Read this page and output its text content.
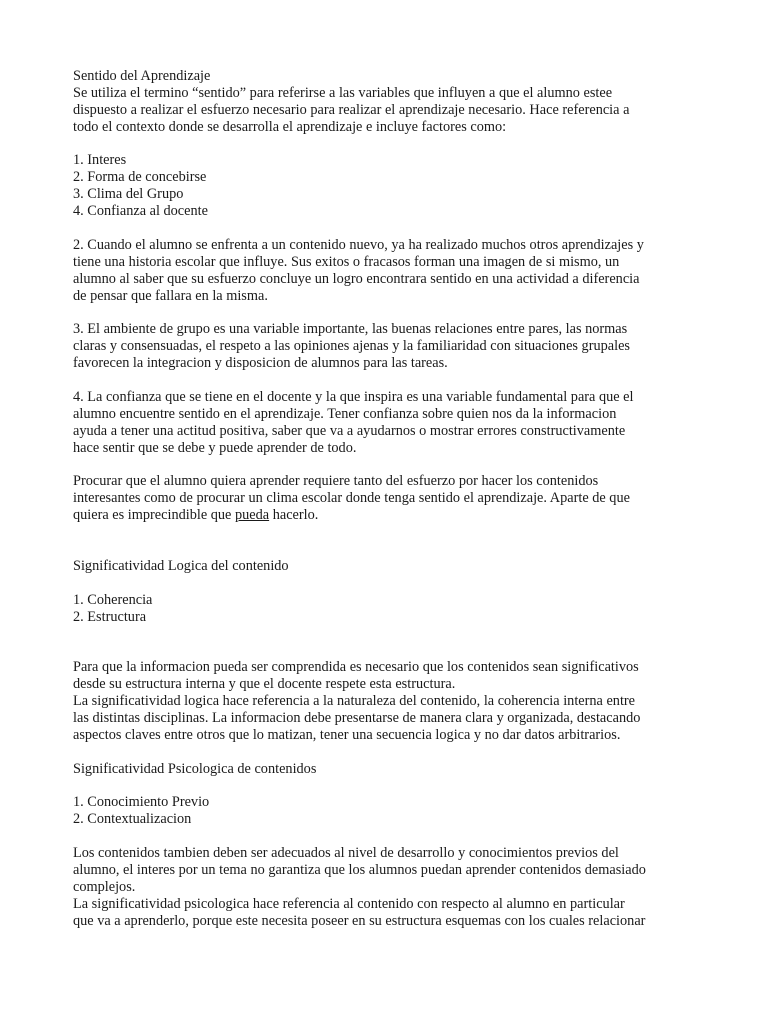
Sentido del Aprendizaje
Se utiliza el termino “sentido” para referirse a las variables que influyen a que el alumno estee
dispuesto a realizar el esfuerzo necesario para realizar el aprendizaje necesario. Hace referencia a
todo el contexto donde se desarrolla el aprendizaje e incluye factores como:
1. Interes
2. Forma de concebirse
3. Clima del Grupo
4. Confianza al docente
2. Cuando el alumno se enfrenta a un contenido nuevo, ya ha realizado muchos otros aprendizajes y
tiene una historia escolar que influye. Sus exitos o fracasos forman una imagen de si mismo, un
alumno al saber que su esfuerzo concluye un logro encontrara sentido en una actividad a diferencia
de pensar que fallara en la misma.
3. El ambiente de grupo es una variable importante, las buenas relaciones entre pares, las normas
claras y consensuadas, el respeto a las opiniones ajenas y la familiaridad con situaciones grupales
favorecen la integracion y disposicion de alumnos para las tareas.
4. La confianza que se tiene en el docente y la que inspira es una variable fundamental para que el
alumno encuentre sentido en el aprendizaje. Tener confianza sobre quien nos da la informacion
ayuda a tener una actitud positiva, saber que va a ayudarnos o mostrar errores constructivamente
hace sentir que se debe y puede aprender de todo.
Procurar que el alumno quiera aprender requiere tanto del esfuerzo por hacer los contenidos
interesantes como de procurar un clima escolar donde tenga sentido el aprendizaje. Aparte de que
quiera es imprecindible que pueda hacerlo.
Significatividad Logica del contenido
1. Coherencia
2. Estructura
Para que la informacion pueda ser comprendida es necesario que los contenidos sean significativos
desde su estructura interna y que el docente respete esta estructura.
La significatividad logica hace referencia a la naturaleza del contenido, la coherencia interna entre
las distintas disciplinas. La informacion debe presentarse de manera clara y organizada, destacando
aspectos claves entre otros que lo matizan, tener una secuencia logica y no dar datos arbitrarios.
Significatividad Psicologica de contenidos
1. Conocimiento Previo
2. Contextualizacion
Los contenidos tambien deben ser adecuados al nivel de desarrollo y conocimientos previos del
alumno, el interes por un tema no garantiza que los alumnos puedan aprender contenidos demasiado
complejos.
La significatividad psicologica hace referencia al contenido con respecto al alumno en particular
que va a aprenderlo, porque este necesita poseer en su estructura esquemas con los cuales relacionar
